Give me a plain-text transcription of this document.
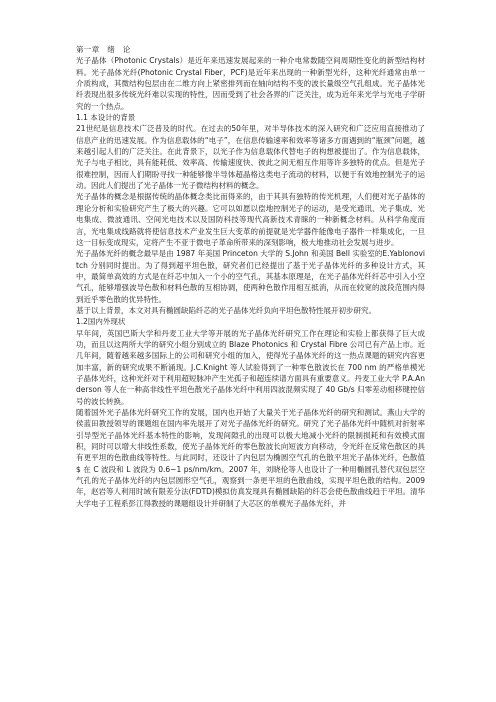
第一章　绪　论

光子晶体（Photonic Crystals）是近年来迅速发展起来的一种介电常数随空间周期性变化的新型结构材料。光子晶体光纤(Photonic Crystal Fiber，PCF)是近年来出现的一种新型光纤，这种光纤通常由单一介质构成，其微结构包层由在二维方向上紧密排列而在轴向结构不变的波长量级空气孔组成。光子晶体光纤表现出很多传统光纤难以实现的特性，因而受到了社会各界的广泛关注，成为近年来光学与光电子学研究的一个热点。

1.1 本设计的背景

21世纪是信息技术广泛普及的时代。在过去的50年里，对半导体技术的深入研究和广泛应用直接推动了信息产业的迅速发展。作为信息载体的“电子”，在信息传输速率和效率等诸多方面遇到的“瓶颈”问题，越来越引起人们的广泛关注。在此背景下，以光子作为信息载体代替电子的构想被提出了。作为信息载体，光子与电子相比，具有能耗低、效率高、传输速度快、彼此之间无相互作用等许多独特的优点。但是光子很难控制，因而人们期盼寻找一种能够像半导体超晶格这类电子流动的材料，以便于有效地控制光子的运动。因此人们提出了光子晶体一光子微结构材料的概念。

光子晶体的概念是根据传统的晶体概念类比而得来的，由于其具有独特的传光机理，人们便对光子晶体的理论分析和实验研究产生了极大的兴趣。它可以如愿以偿地控制光子的运动，是受光通讯、光子集成、光电集成、微波通讯、空间光电技术以及国防科技等现代高新技术青睐的一种新概念材料。从科学角度而言，光电集成线路就将使信息技术产业发生巨大变革的前提就是光学器件能像电子器件一样集成化，一旦这一目标变成现实，定将产生不亚于微电子革命所带来的深刻影响，极大地推动社会发展与进步。

光子晶体光纤的概念最早是由 1987 年美国 Princeton 大学的 S.John 和美国 Bell 实验室的E.Yablonovitch 分别同时提出。为了得到超平坦色散，研究者们已经提出了基于光子晶体光纤的多种设计方式，其中，最简单高效的方式是在纤芯中加入一个小的空气孔，其基本原理是，在光子晶体光纤纤芯中引入小空气孔，能够增强波导色散和材料色散的互相协调，使两种色散作用相互抵消，从而在较宽的波段范围内得到近乎零色散的优异特性。

基于以上背景，本文对具有椭圆缺陷纤芯的光子晶体光纤负向平坦色散特性展开初步研究。

1.2国内外现状

早年间，英国巴斯大学和丹麦工业大学等开展的光子晶体光纤研究工作在理论和实验上都获得了巨大成功，而且以这两所大学的研究小组分别成立的 Blaze Photonics 和 Crystal Fibre 公司已有产品上市。近几年间，随着越来越多国际上的公司和研究小组的加入，使得光子晶体光纤的这一热点课题的研究内容更加丰富，新的研究成果不断涌现。J.C.Knight 等人试验得到了一种零色散波长在 700 nm 的严格单模光子晶体光纤，这种光纤对于利用超短脉冲产生光孤子和超连续谱方面具有重要意义。丹麦工业大学 P.A.Anderson 等人在一种高非线性平坦色散光子晶体光纤中利用四波混频实现了 40 Gb/s 归零差动相移键控信号的波长转换。

随着国外光子晶体光纤研究工作的发展，国内也开始了大量关于光子晶体光纤的研究和测试。燕山大学的侯蓝田教授领导的课题组在国内率先展开了对光子晶体光纤的研究。研究了光子晶体光纤中随机对折射率引导型光子晶体光纤基本特性的影响，发现间隙孔的出现可以极大地减小光纤的限制损耗和有效模式面积，同时可以增大非线性系数，使光子晶体光纤的零色散波长向短波方向移动，令光纤在反常色散区的具有更平坦的色散曲线等特性。与此同时，还设计了内包层为椭圆空气孔的色散平坦光子晶体光纤，色散值 $ 在 C 波段和 L 波段为 0.6~1 ps/nm/km。2007 年，刘晓伦等人也设计了一种用椭圆孔替代双包层空气孔的光子晶体光纤的内包层圆形空气孔，观察到一条更平坦的色散曲线，实现平坦色散的结构。2009 年，赵岩等人利用时域有限差分法(FDTD)模拟仿真发现具有椭圆缺陷的纤芯会使色散曲线趋于平坦。清华大学电子工程系彭江得教授的课题组设计并研制了大芯区的单模光子晶体光纤，并
